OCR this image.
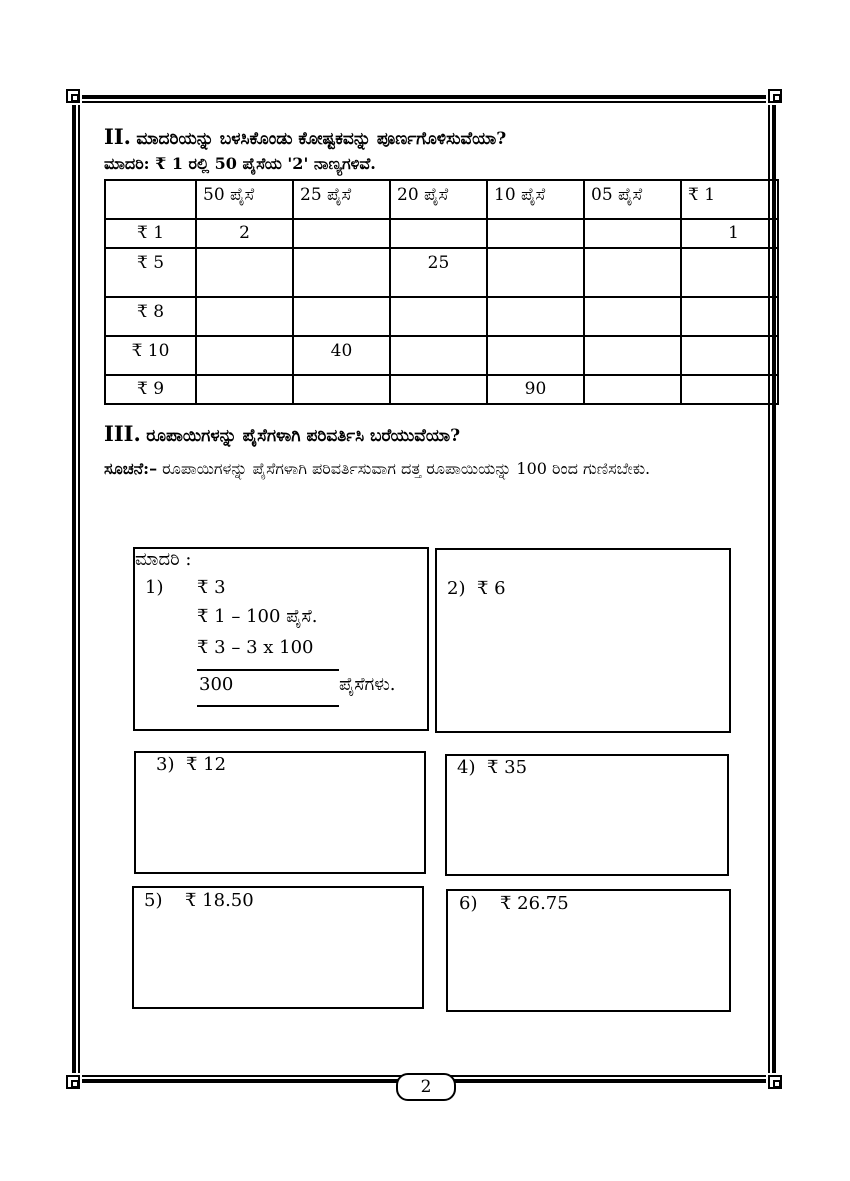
II. ಮಾದರಿಯನ್ನು ಬಳಸಿಕೊಂಡು ಕೋಷ್ಟಕವನ್ನು ಪೂರ್ಣಗೊಳಿಸುವೆಯಾ?
ಮಾದರಿ: ₹ 1 ರಲ್ಲಿ 50 ಪೈಸೆಯ '2' ನಾಣ್ಯಗಳಿವೆ.
	50 ಪೈಸೆ	25 ಪೈಸೆ	20 ಪೈಸೆ	10 ಪೈಸೆ	05 ಪೈಸೆ	₹ 1
₹ 1	2					1
₹ 5			25			
₹ 8						
₹ 10		40				
₹ 9				90		
III. ರೂಪಾಯಿಗಳನ್ನು ಪೈಸೆಗಳಾಗಿ ಪರಿವರ್ತಿಸಿ ಬರೆಯುವೆಯಾ?
ಸೂಚನೆ:– ರೂಪಾಯಿಗಳನ್ನು ಪೈಸೆಗಳಾಗಿ ಪರಿವರ್ತಿಸುವಾಗ ದತ್ತ ರೂಪಾಯಿಯನ್ನು 100 ರಿಂದ ಗುಣಿಸಬೇಕು.
ಮಾದರಿ :
1) ₹ 3
₹ 1 – 100 ಪೈಸೆ.
₹ 3 – 3 x 100
300	ಪೈಸೆಗಳು.
2) ₹ 6
3) ₹ 12	4) ₹ 35
5) ₹ 18.50	6) ₹ 26.75
2
